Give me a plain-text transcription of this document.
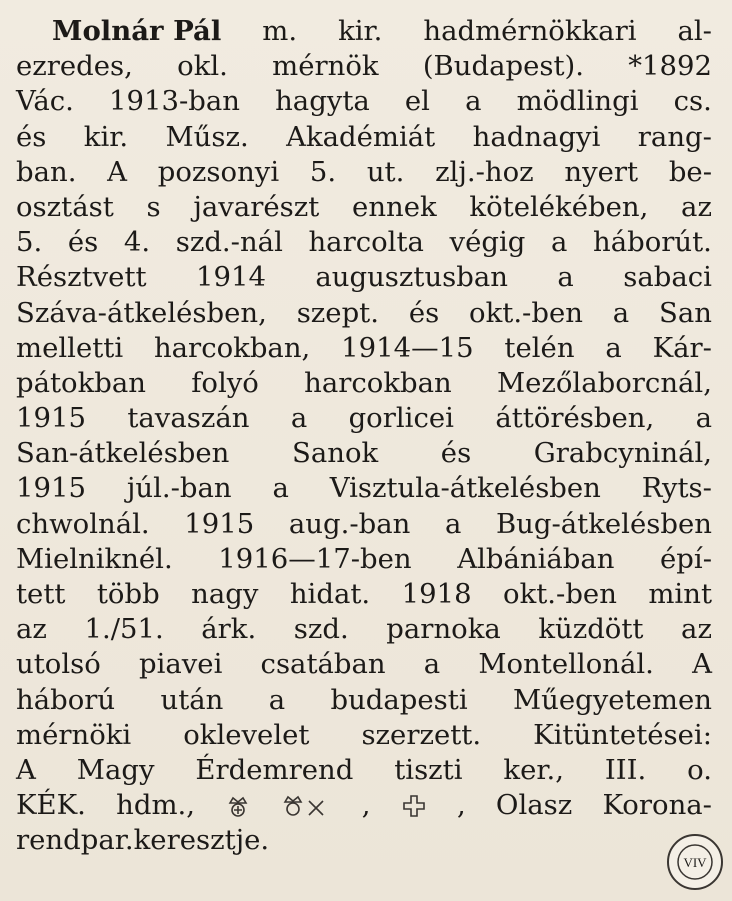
Molnár Pál m. kir. hadmérnökkari al-
ezredes, okl. mérnök (Budapest). *1892
Vác. 1913-ban hagyta el a mödlingi cs.
és kir. Műsz. Akadémiát hadnagyi rang-
ban. A pozsonyi 5. ut. zlj.-hoz nyert be-
osztást s javarészt ennek kötelékében, az
5. és 4. szd.-nál harcolta végig a háborút.
Résztvett 1914 augusztusban a sabaci
Száva-átkelésben, szept. és okt.-ben a San
melletti harcokban, 1914—15 telén a Kár-
pátokban folyó harcokban Mezőlaborcnál,
1915 tavaszán a gorlicei áttörésben, a
San-átkelésben Sanok és Grabcyninál,
1915 júl.-ban a Visztula-átkelésben Ryts-
chwolnál. 1915 aug.-ban a Bug-átkelésben
Mielniknél. 1916—17-ben Albániában épí-
tett több nagy hidat. 1918 okt.-ben mint
az 1./51. árk. szd. parnoka küzdött az
utolsó piavei csatában a Montellonál. A
háború után a budapesti Műegyetemen
mérnöki oklevelet szerzett. Kitüntetései:
A Magy Érdemrend tiszti ker., III. o.
KÉK. hdm.,	,	, Olasz Korona-
rend par. keresztje.
VIV
